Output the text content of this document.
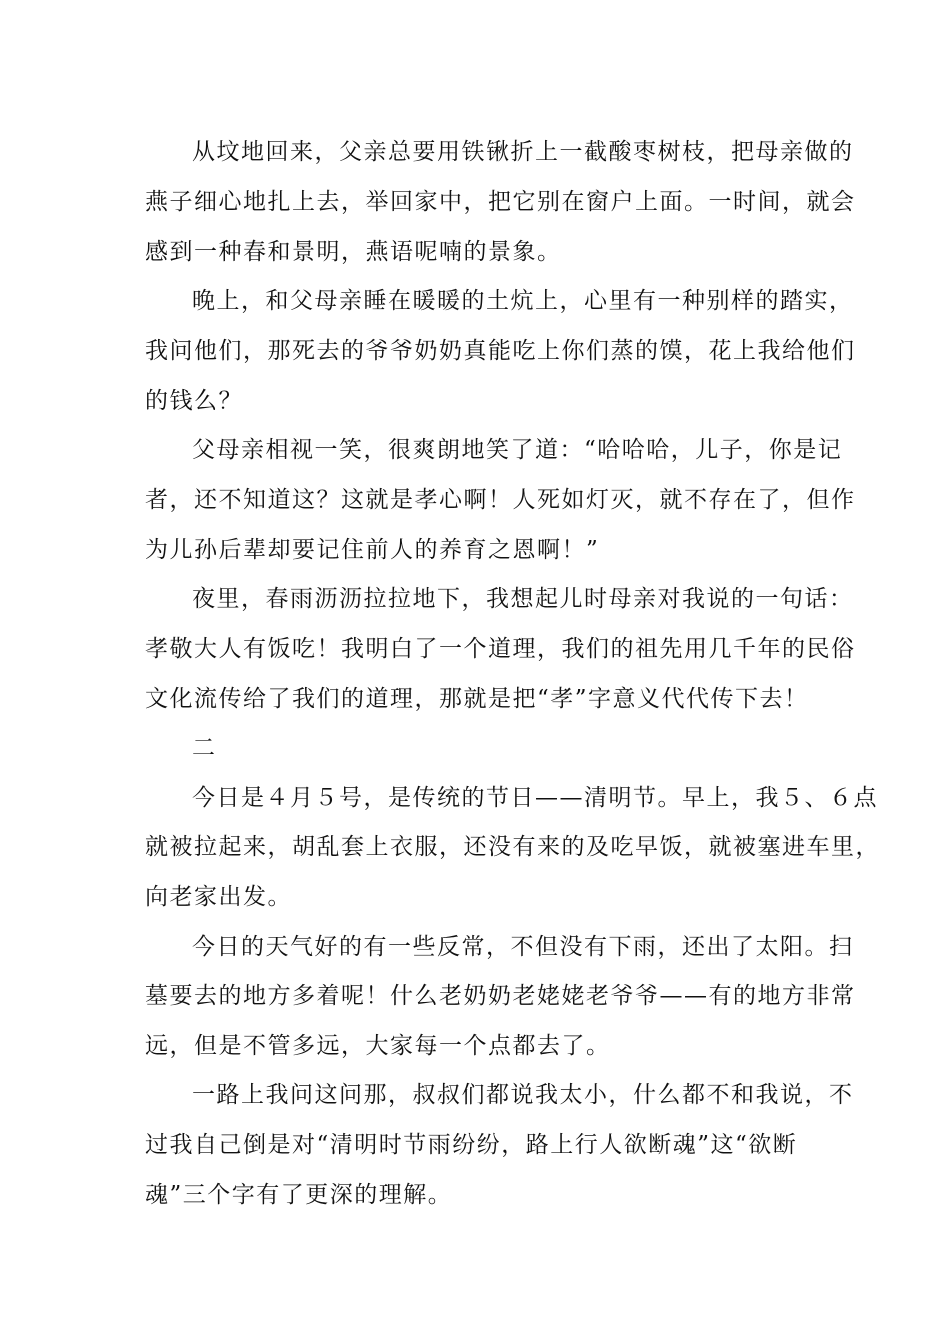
从坟地回来，父亲总要用铁锹折上一截酸枣树枝，把母亲做的
燕子细心地扎上去，举回家中，把它别在窗户上面。一时间，就会
感到一种春和景明，燕语呢喃的景象。
晚上，和父母亲睡在暖暖的土炕上，心里有一种别样的踏实，
我问他们，那死去的爷爷奶奶真能吃上你们蒸的馍，花上我给他们
的钱么？
父母亲相视一笑，很爽朗地笑了道：“哈哈哈，儿子，你是记
者，还不知道这？这就是孝心啊！人死如灯灭，就不存在了，但作
为儿孙后辈却要记住前人的养育之恩啊！”
夜里，春雨沥沥拉拉地下，我想起儿时母亲对我说的一句话：
孝敬大人有饭吃！我明白了一个道理，我们的祖先用几千年的民俗
文化流传给了我们的道理，那就是把“孝”字意义代代传下去！
二
今日是４月５号，是传统的节日——清明节。早上，我５、６点
就被拉起来，胡乱套上衣服，还没有来的及吃早饭，就被塞进车里，
向老家出发。
今日的天气好的有一些反常，不但没有下雨，还出了太阳。扫
墓要去的地方多着呢！什么老奶奶老姥姥老爷爷——有的地方非常
远，但是不管多远，大家每一个点都去了。
一路上我问这问那，叔叔们都说我太小，什么都不和我说，不
过我自己倒是对“清明时节雨纷纷，路上行人欲断魂”这“欲断
魂”三个字有了更深的理解。
